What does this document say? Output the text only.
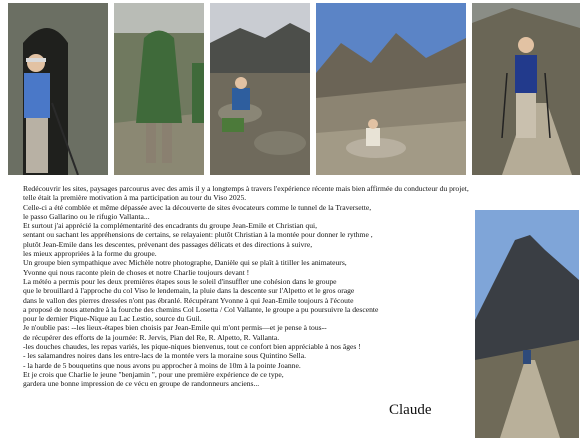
Redécouvrir les sites, paysages parcourus avec des amis il y a longtemps à travers l'expérience récente mais bien affirmée du conducteur du projet,
telle était la première motivation à ma participation au tour du Viso 2025.
Celle-ci a été comblée et même dépassée avec la découverte de sites évocateurs comme le tunnel de la Traversette,
le passo Gallarino ou le rifugio Vallanta...
Et surtout j'ai apprécié la complémentarité des encadrants du groupe Jean-Emile et Christian qui,
sentant ou sachant les appréhensions de certains, se relayaient: plutôt Christian à la montée pour donner le rythme ,
plutôt Jean-Emile dans les descentes, prévenant des passages délicats et des directions à suivre,
les mieux appropriées à la forme du groupe.
Un groupe bien sympathique avec Michèle notre photographe, Danièle qui se plaît à titiller les animateurs,
Yvonne qui nous raconte plein de choses et notre Charlie toujours devant !
La météo a permis pour les deux premières étapes sous le soleil d'insuffler une cohésion dans le groupe
que le brouillard à l'approche du col Viso le lendemain, la pluie dans la descente sur l'Alpetto et le gros orage
dans le vallon des pierres dressées n'ont pas ébranlé. Récupérant Yvonne à qui Jean-Emile toujours à l'écoute
a proposé de nous attendre à la fourche des chemins Col Losetta / Col Vallante, le groupe a pu poursuivre la descente
pour le dernier Pique-Nique au Lac Lestio, source du Guil.
Je n'oublie pas: --les lieux-étapes bien choisis par Jean-Emile qui m'ont permis—et je pense à tous--
de récupérer des efforts de la journée: R. Jervis, Pian del Re, R. Alpetto, R. Vallanta.
-les douches chaudes, les repas variés, les pique-niques bienvenus, tout ce confort bien appréciable à nos âges !
- les salamandres noires dans les entre-lacs de la montée vers la moraine sous Quintino Sella.
- la harde de 5 bouquetins que nous avons pu approcher à moins de 10m à la pointe Joanne.
Et je crois que Charlie le jeune "benjamin ", pour une première expérience de ce type,
gardera une bonne impression de ce vécu en groupe de randonneurs anciens...
Claude
